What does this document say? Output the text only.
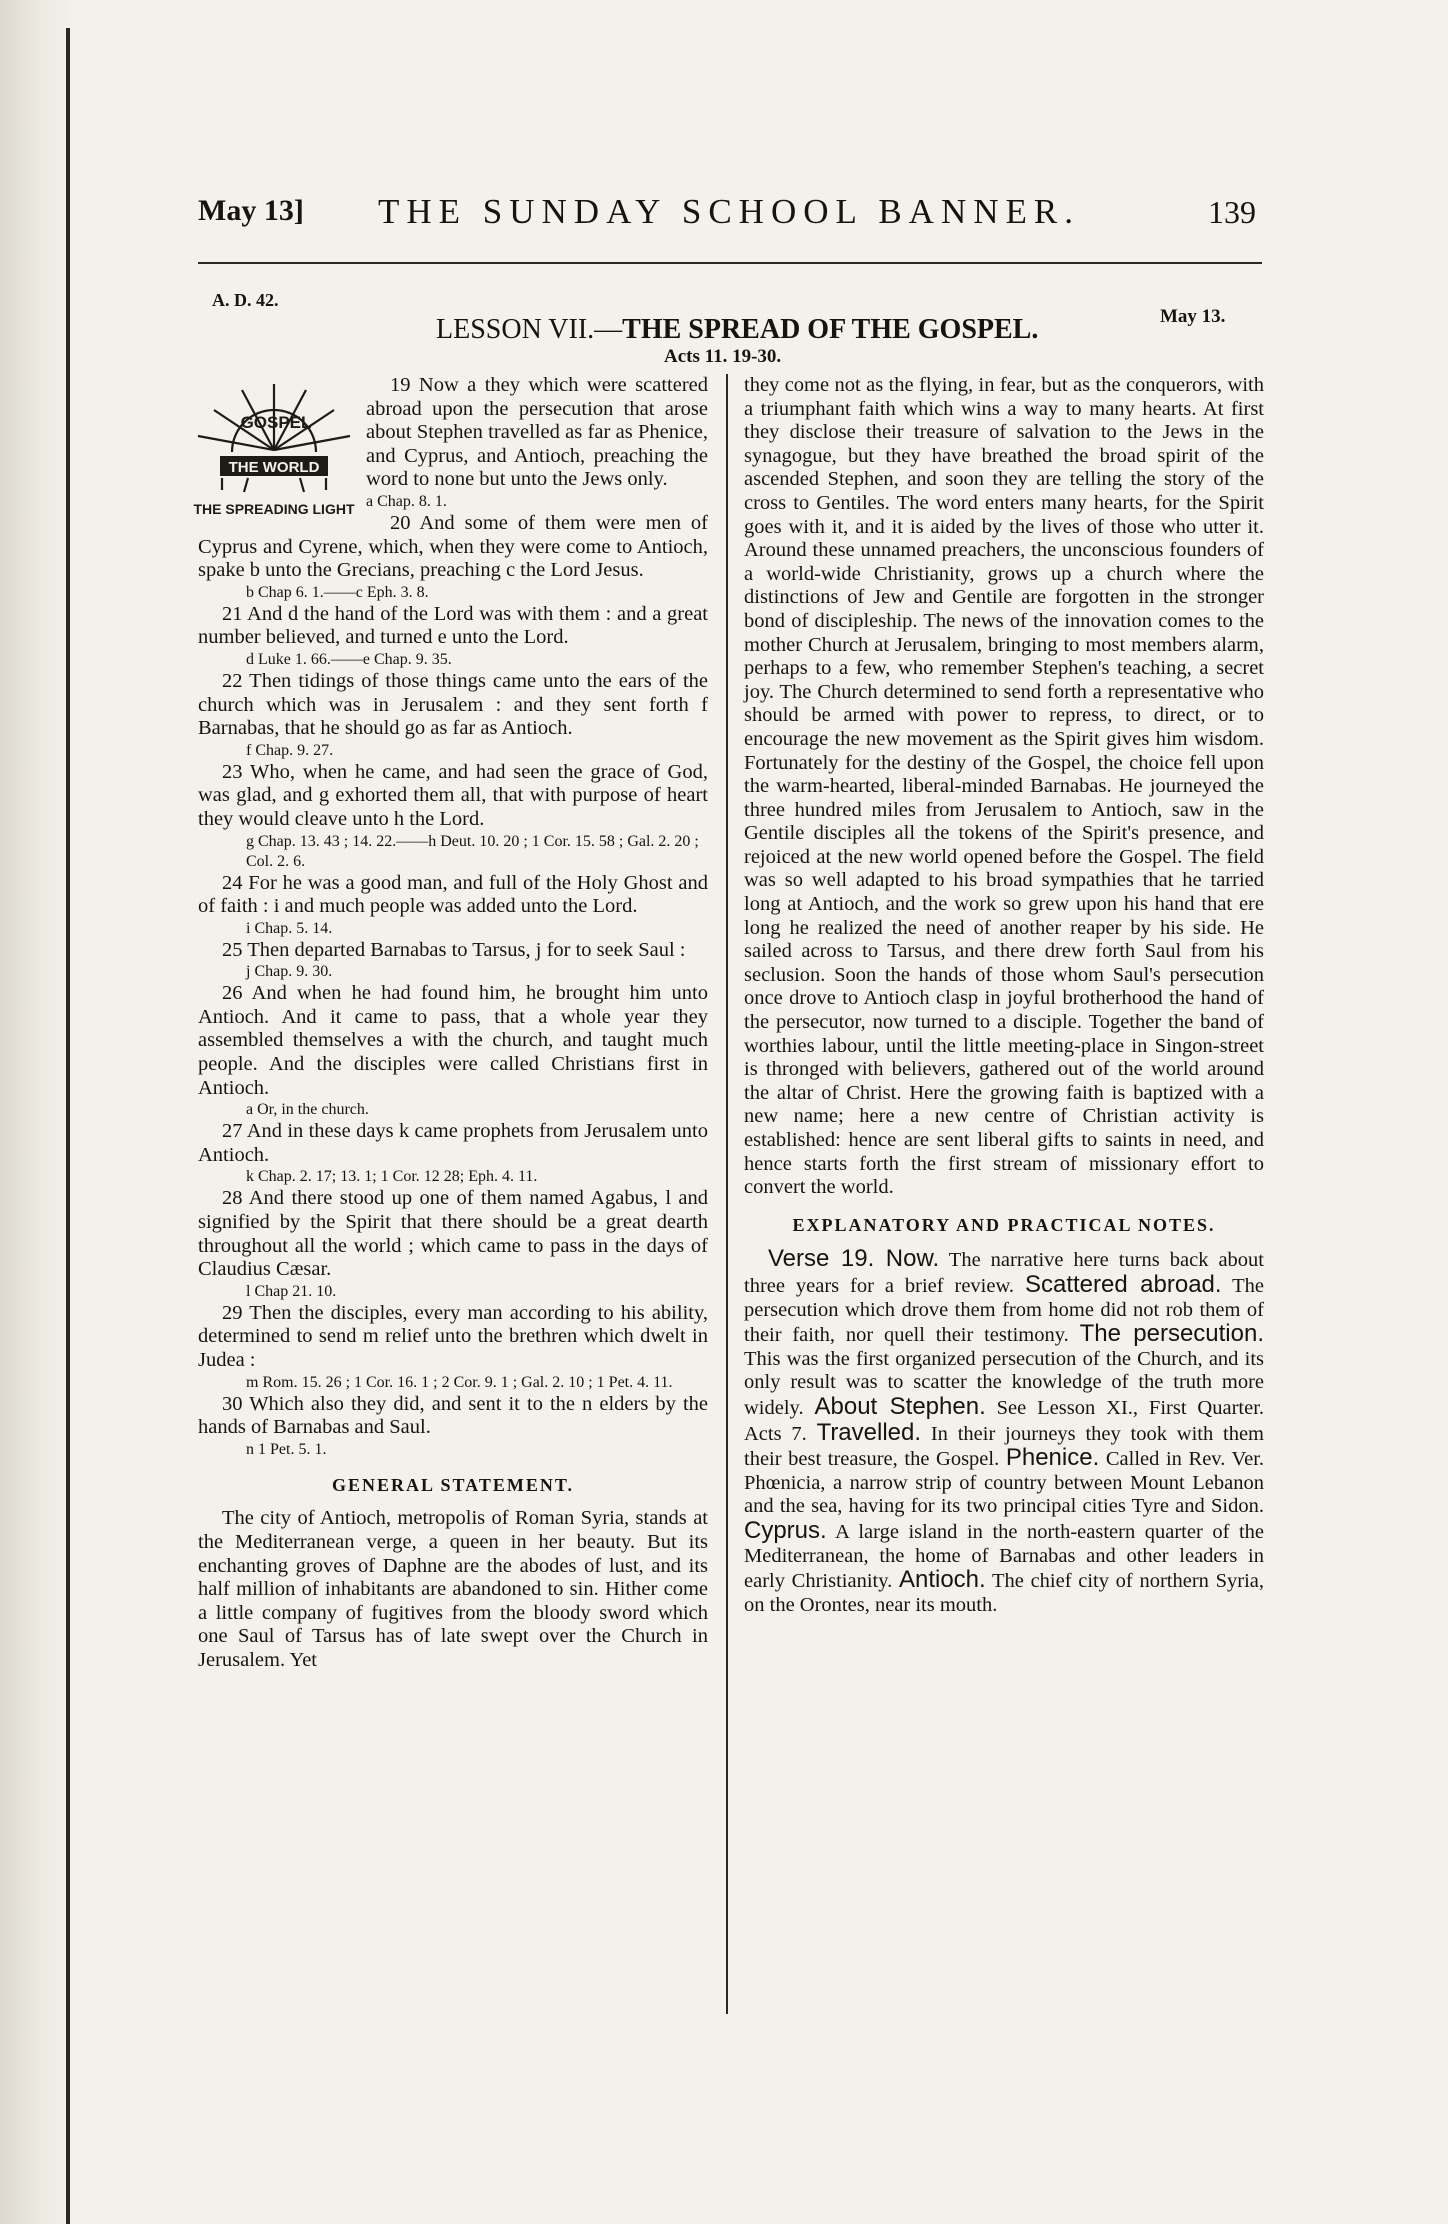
May 13] THE SUNDAY SCHOOL BANNER.	139
A. D. 42.
May 13.
LESSON VII.—THE SPREAD OF THE GOSPEL.
Acts 11. 19-30.
GOSPEL
THE WORLD
THE SPREADING LIGHT

19 Now a they which were scattered abroad upon the persecution that arose about Stephen travelled as far as Phenice, and Cyprus, and Antioch, preaching the word to none but unto the Jews only.

a Chap. 8. 1.

20 And some of them were men of Cyprus and Cyrene, which, when they were come to Antioch, spake b unto the Grecians, preaching c the Lord Jesus.

b Chap 6. 1.——c Eph. 3. 8.

21 And d the hand of the Lord was with them : and a great number believed, and turned e unto the Lord.

d Luke 1. 66.——e Chap. 9. 35.

22 Then tidings of those things came unto the ears of the church which was in Jerusalem : and they sent forth f Barnabas, that he should go as far as Antioch.

f Chap. 9. 27.

23 Who, when he came, and had seen the grace of God, was glad, and g exhorted them all, that with purpose of heart they would cleave unto h the Lord.

g Chap. 13. 43 ; 14. 22.——h Deut. 10. 20 ; 1 Cor. 15. 58 ; Gal. 2. 20 ; Col. 2. 6.

24 For he was a good man, and full of the Holy Ghost and of faith : i and much people was added unto the Lord.

i Chap. 5. 14.

25 Then departed Barnabas to Tarsus, j for to seek Saul :

j Chap. 9. 30.

26 And when he had found him, he brought him unto Antioch. And it came to pass, that a whole year they assembled themselves a with the church, and taught much people. And the disciples were called Christians first in Antioch.

a Or, in the church.

27 And in these days k came prophets from Jerusalem unto Antioch.

k Chap. 2. 17; 13. 1; 1 Cor. 12 28; Eph. 4. 11.

28 And there stood up one of them named Agabus, l and signified by the Spirit that there should be a great dearth throughout all the world ; which came to pass in the days of Claudius Cæsar.

l Chap 21. 10.

29 Then the disciples, every man according to his ability, determined to send m relief unto the brethren which dwelt in Judea :

m Rom. 15. 26 ; 1 Cor. 16. 1 ; 2 Cor. 9. 1 ; Gal. 2. 10 ; 1 Pet. 4. 11.

30 Which also they did, and sent it to the n elders by the hands of Barnabas and Saul.

n 1 Pet. 5. 1.

GENERAL STATEMENT.

The city of Antioch, metropolis of Roman Syria, stands at the Mediterranean verge, a queen in her beauty. But its enchanting groves of Daphne are the abodes of lust, and its half million of inhabitants are abandoned to sin. Hither come a little company of fugitives from the bloody sword which one Saul of Tarsus has of late swept over the Church in Jerusalem. Yet

they come not as the flying, in fear, but as the conquerors, with a triumphant faith which wins a way to many hearts. At first they disclose their treasure of salvation to the Jews in the synagogue, but they have breathed the broad spirit of the ascended Stephen, and soon they are telling the story of the cross to Gentiles. The word enters many hearts, for the Spirit goes with it, and it is aided by the lives of those who utter it. Around these unnamed preachers, the unconscious founders of a world-wide Christianity, grows up a church where the distinctions of Jew and Gentile are forgotten in the stronger bond of discipleship. The news of the innovation comes to the mother Church at Jerusalem, bringing to most members alarm, perhaps to a few, who remember Stephen's teaching, a secret joy. The Church determined to send forth a representative who should be armed with power to repress, to direct, or to encourage the new movement as the Spirit gives him wisdom. Fortunately for the destiny of the Gospel, the choice fell upon the warm-hearted, liberal-minded Barnabas. He journeyed the three hundred miles from Jerusalem to Antioch, saw in the Gentile disciples all the tokens of the Spirit's presence, and rejoiced at the new world opened before the Gospel. The field was so well adapted to his broad sympathies that he tarried long at Antioch, and the work so grew upon his hand that ere long he realized the need of another reaper by his side. He sailed across to Tarsus, and there drew forth Saul from his seclusion. Soon the hands of those whom Saul's persecution once drove to Antioch clasp in joyful brotherhood the hand of the persecutor, now turned to a disciple. Together the band of worthies labour, until the little meeting-place in Singon-street is thronged with believers, gathered out of the world around the altar of Christ. Here the growing faith is baptized with a new name; here a new centre of Christian activity is established: hence are sent liberal gifts to saints in need, and hence starts forth the first stream of missionary effort to convert the world.

EXPLANATORY AND PRACTICAL NOTES.

Verse 19. Now. The narrative here turns back about three years for a brief review. Scattered abroad. The persecution which drove them from home did not rob them of their faith, nor quell their testimony. The persecution. This was the first organized persecution of the Church, and its only result was to scatter the knowledge of the truth more widely. About Stephen. See Lesson XI., First Quarter. Acts 7. Travelled. In their journeys they took with them their best treasure, the Gospel. Phenice. Called in Rev. Ver. Phœnicia, a narrow strip of country between Mount Lebanon and the sea, having for its two principal cities Tyre and Sidon. Cyprus. A large island in the north-eastern quarter of the Mediterranean, the home of Barnabas and other leaders in early Christianity. Antioch. The chief city of northern Syria, on the Orontes, near its mouth.
